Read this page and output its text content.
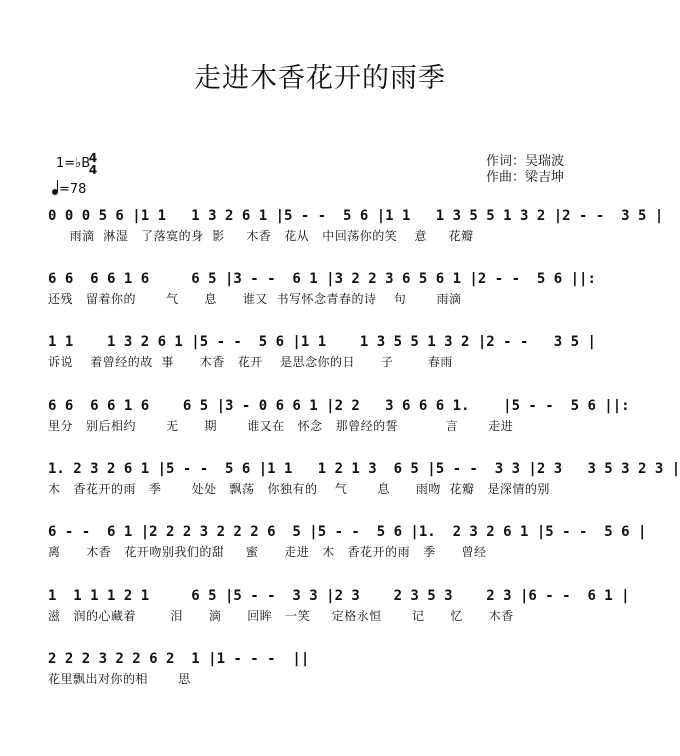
走进木香花开的雨季
1=♭B
4
4
=78
作词：吴瑞波
作曲：梁吉坤
0 0 0 5 6 |1 1   1 3 2 6 1 |5 - -  5 6 |1 1   1 3 5 5 1 3 2 |2 - -  3 5 |
雨滴  淋湿   了落寞的身  影     木香   花从   中回荡你的笑    意     花瓣
6 6  6 6 1 6     6 5 |3 - -  6 1 |3 2 2 3 6 5 6 1 |2 - -  5 6 ||:
还残   留着你的       气      息      谁又  书写怀念青春的诗    句       雨滴
1 1    1 3 2 6 1 |5 - -  5 6 |1 1    1 3 5 5 1 3 2 |2 - -   3 5 |
诉说    着曾经的故  事      木香   花开    是思念你的日      子        春雨
6 6  6 6 1 6    6 5 |3 - 0 6 6 1 |2 2   3 6 6 6 1.    |5 - -  5 6 ||:
里分   别后相约       无      期       谁又在   怀念   那曾经的誓           言       走进
1. 2 3 2 6 1 |5 - -  5 6 |1 1   1 2 1 3  6 5 |5 - -  3 3 |2 3   3 5 3 2 3 |
木   香花开的雨   季       处处   飘荡   你独有的    气       息      雨吻  花瓣   是深情的别
6 - -  6 1 |2 2 2 3 2 2 2 6  5 |5 - -  5 6 |1.  2 3 2 6 1 |5 - -  5 6 |
离      木香   花开吻别我们的甜     蜜      走进   木   香花开的雨   季      曾经
1  1 1 1 2 1     6 5 |5 - -  3 3 |2 3    2 3 5 3    2 3 |6 - -  6 1 |
滋   润的心藏着        泪      滴      回眸   一笑     定格永恒       记      忆      木香
2 2 2 3 2 2 6 2  1 |1 - - -  ||
花里飘出对你的相       思
